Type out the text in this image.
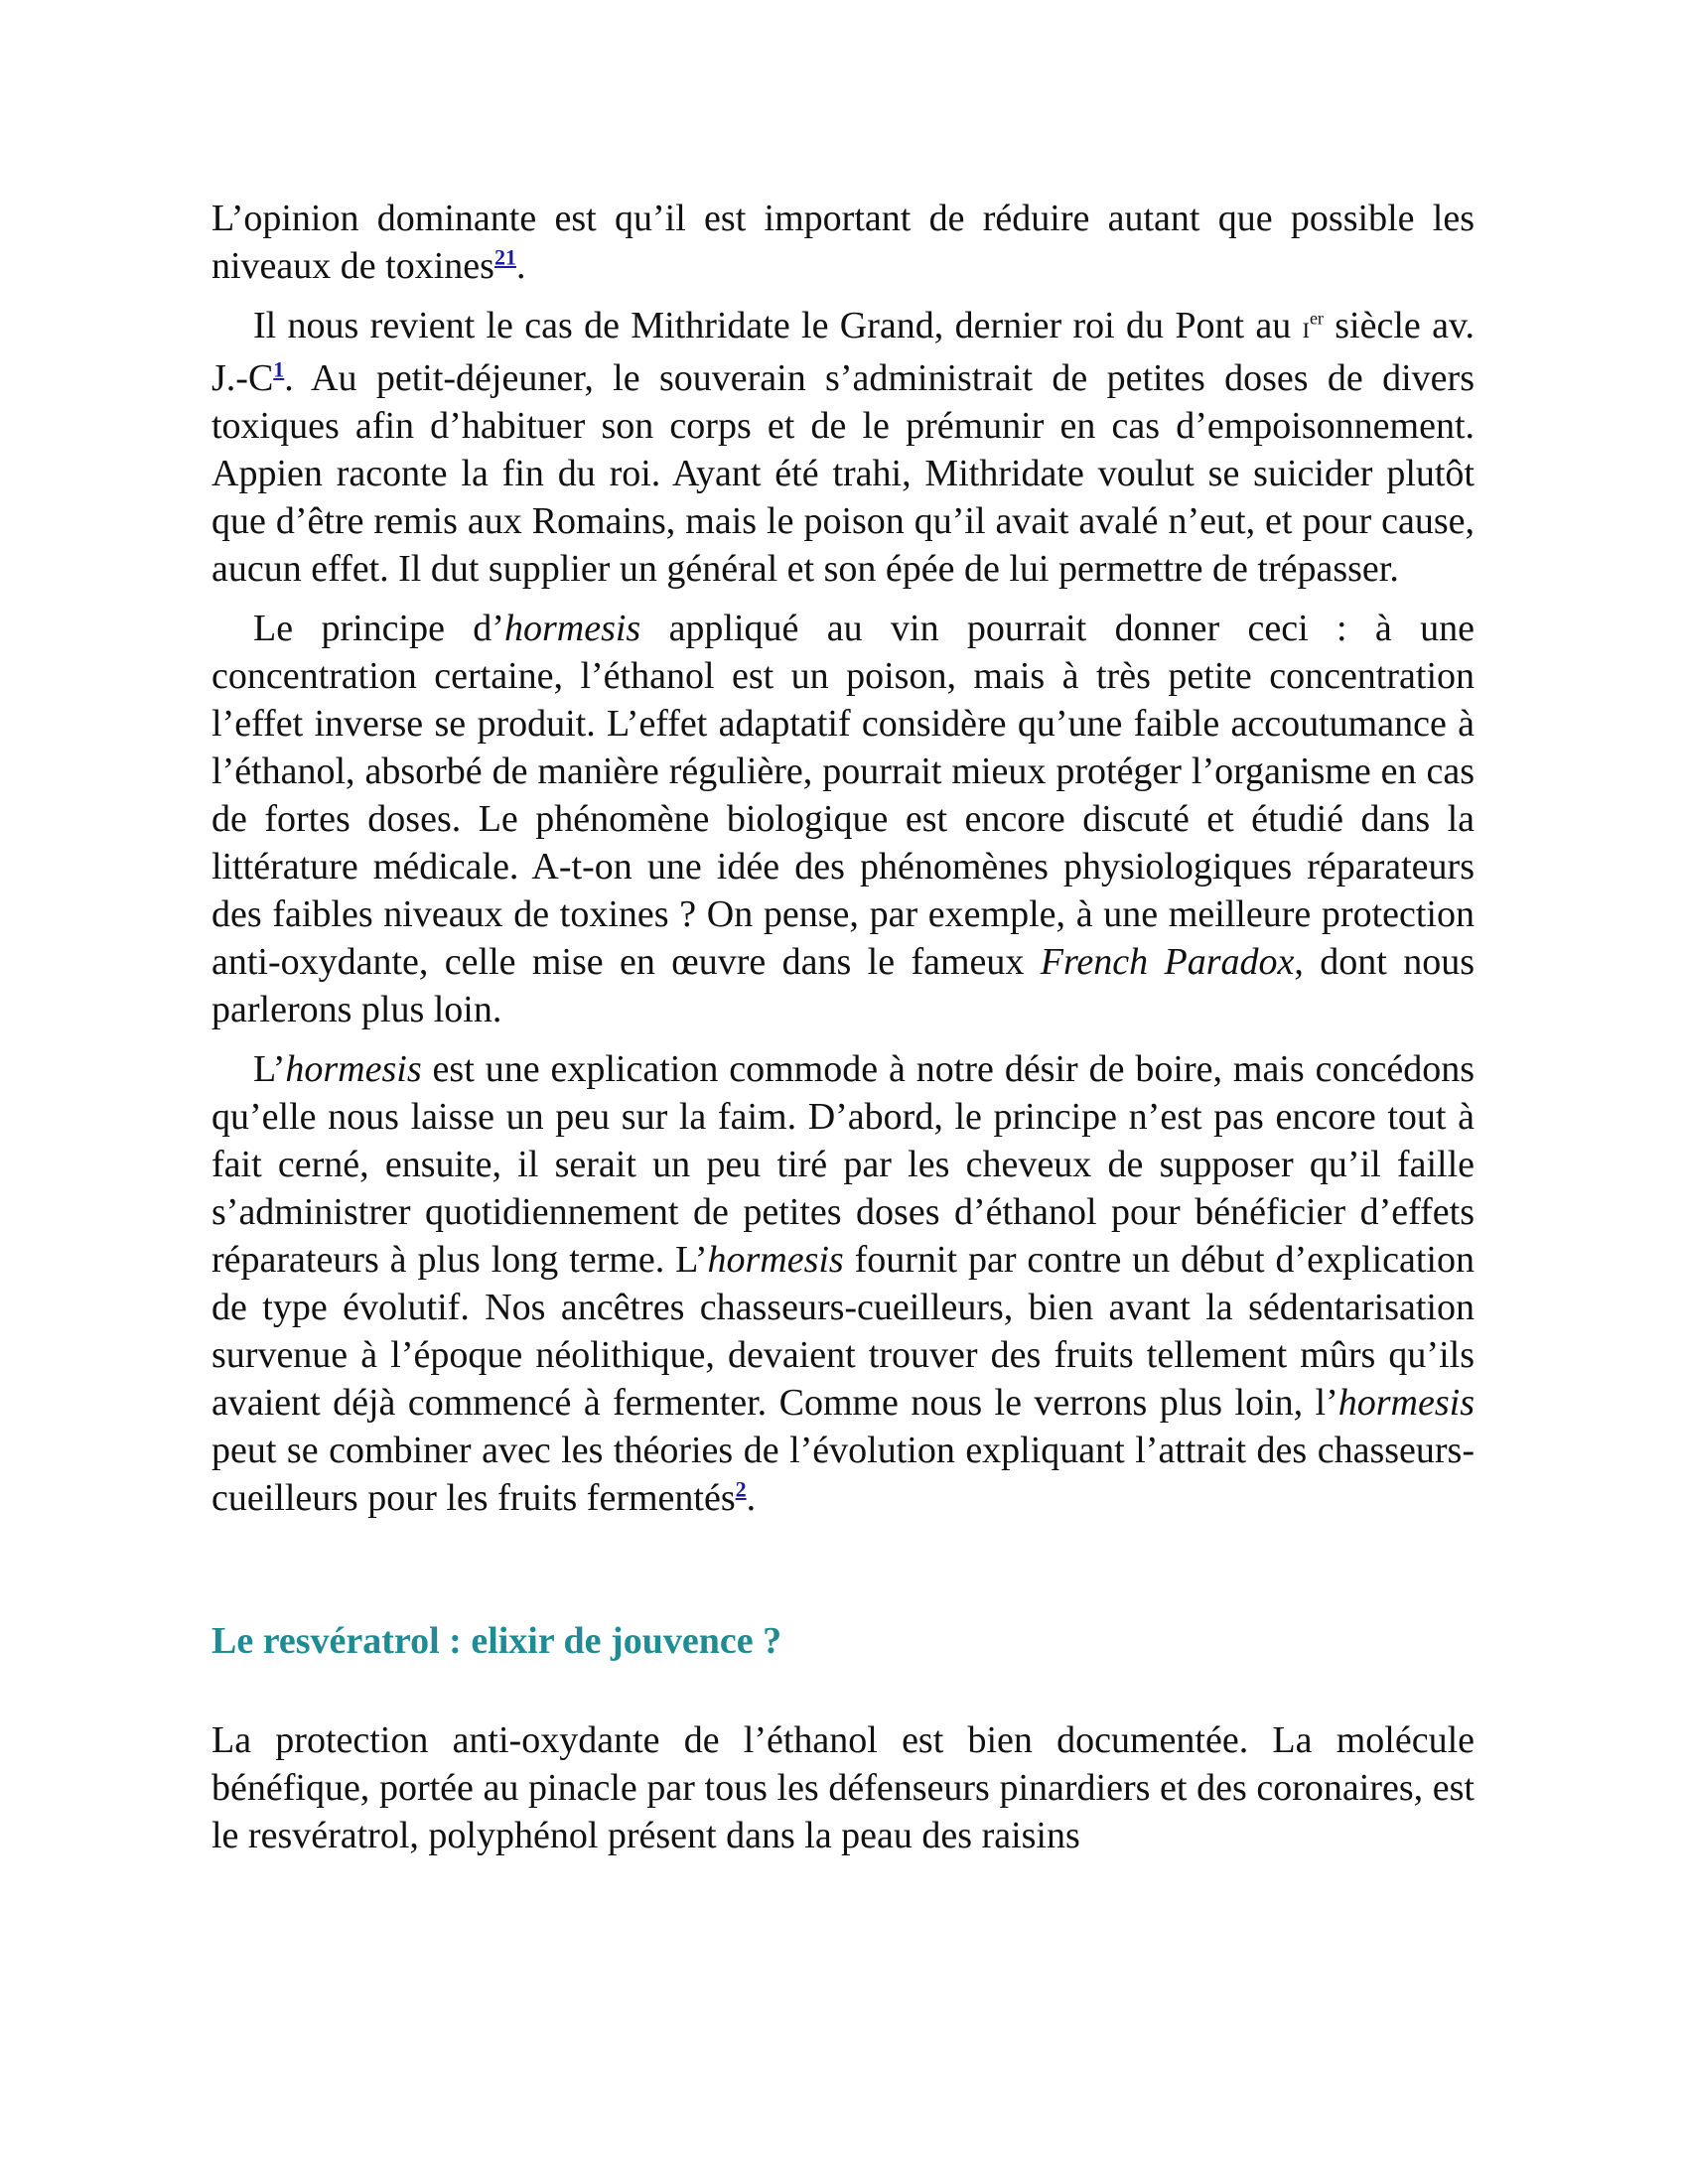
L’opinion dominante est qu’il est important de réduire autant que possible les niveaux de toxines$^{21}$.

Il nous revient le cas de Mithridate le Grand, dernier roi du Pont au Ier siècle av. J.-C$^1$. Au petit-déjeuner, le souverain s’administrait de petites doses de divers toxiques afin d’habituer son corps et de le prémunir en cas d’empoisonnement. Appien raconte la fin du roi. Ayant été trahi, Mithridate voulut se suicider plutôt que d’être remis aux Romains, mais le poison qu’il avait avalé n’eut, et pour cause, aucun effet. Il dut supplier un général et son épée de lui permettre de trépasser.

Le principe d’hormesis appliqué au vin pourrait donner ceci : à une concentration certaine, l’éthanol est un poison, mais à très petite concentration l’effet inverse se produit. L’effet adaptatif considère qu’une faible accoutumance à l’éthanol, absorbé de manière régulière, pourrait mieux protéger l’organisme en cas de fortes doses. Le phénomène biologique est encore discuté et étudié dans la littérature médicale. A-t-on une idée des phénomènes physiologiques réparateurs des faibles niveaux de toxines ? On pense, par exemple, à une meilleure protection anti-oxydante, celle mise en œuvre dans le fameux French Paradox, dont nous parlerons plus loin.

L’hormesis est une explication commode à notre désir de boire, mais concédons qu’elle nous laisse un peu sur la faim. D’abord, le principe n’est pas encore tout à fait cerné, ensuite, il serait un peu tiré par les cheveux de supposer qu’il faille s’administrer quotidiennement de petites doses d’éthanol pour bénéficier d’effets réparateurs à plus long terme. L’hormesis fournit par contre un début d’explication de type évolutif. Nos ancêtres chasseurs-cueilleurs, bien avant la sédentarisation survenue à l’époque néolithique, devaient trouver des fruits tellement mûrs qu’ils avaient déjà commencé à fermenter. Comme nous le verrons plus loin, l’hormesis peut se combiner avec les théories de l’évolution expliquant l’attrait des chasseurs-cueilleurs pour les fruits fermentés$^2$.

Le resvératrol : elixir de jouvence ?

La protection anti-oxydante de l’éthanol est bien documentée. La molécule bénéfique, portée au pinacle par tous les défenseurs pinardiers et des coronaires, est le resvératrol, polyphénol présent dans la peau des raisins
